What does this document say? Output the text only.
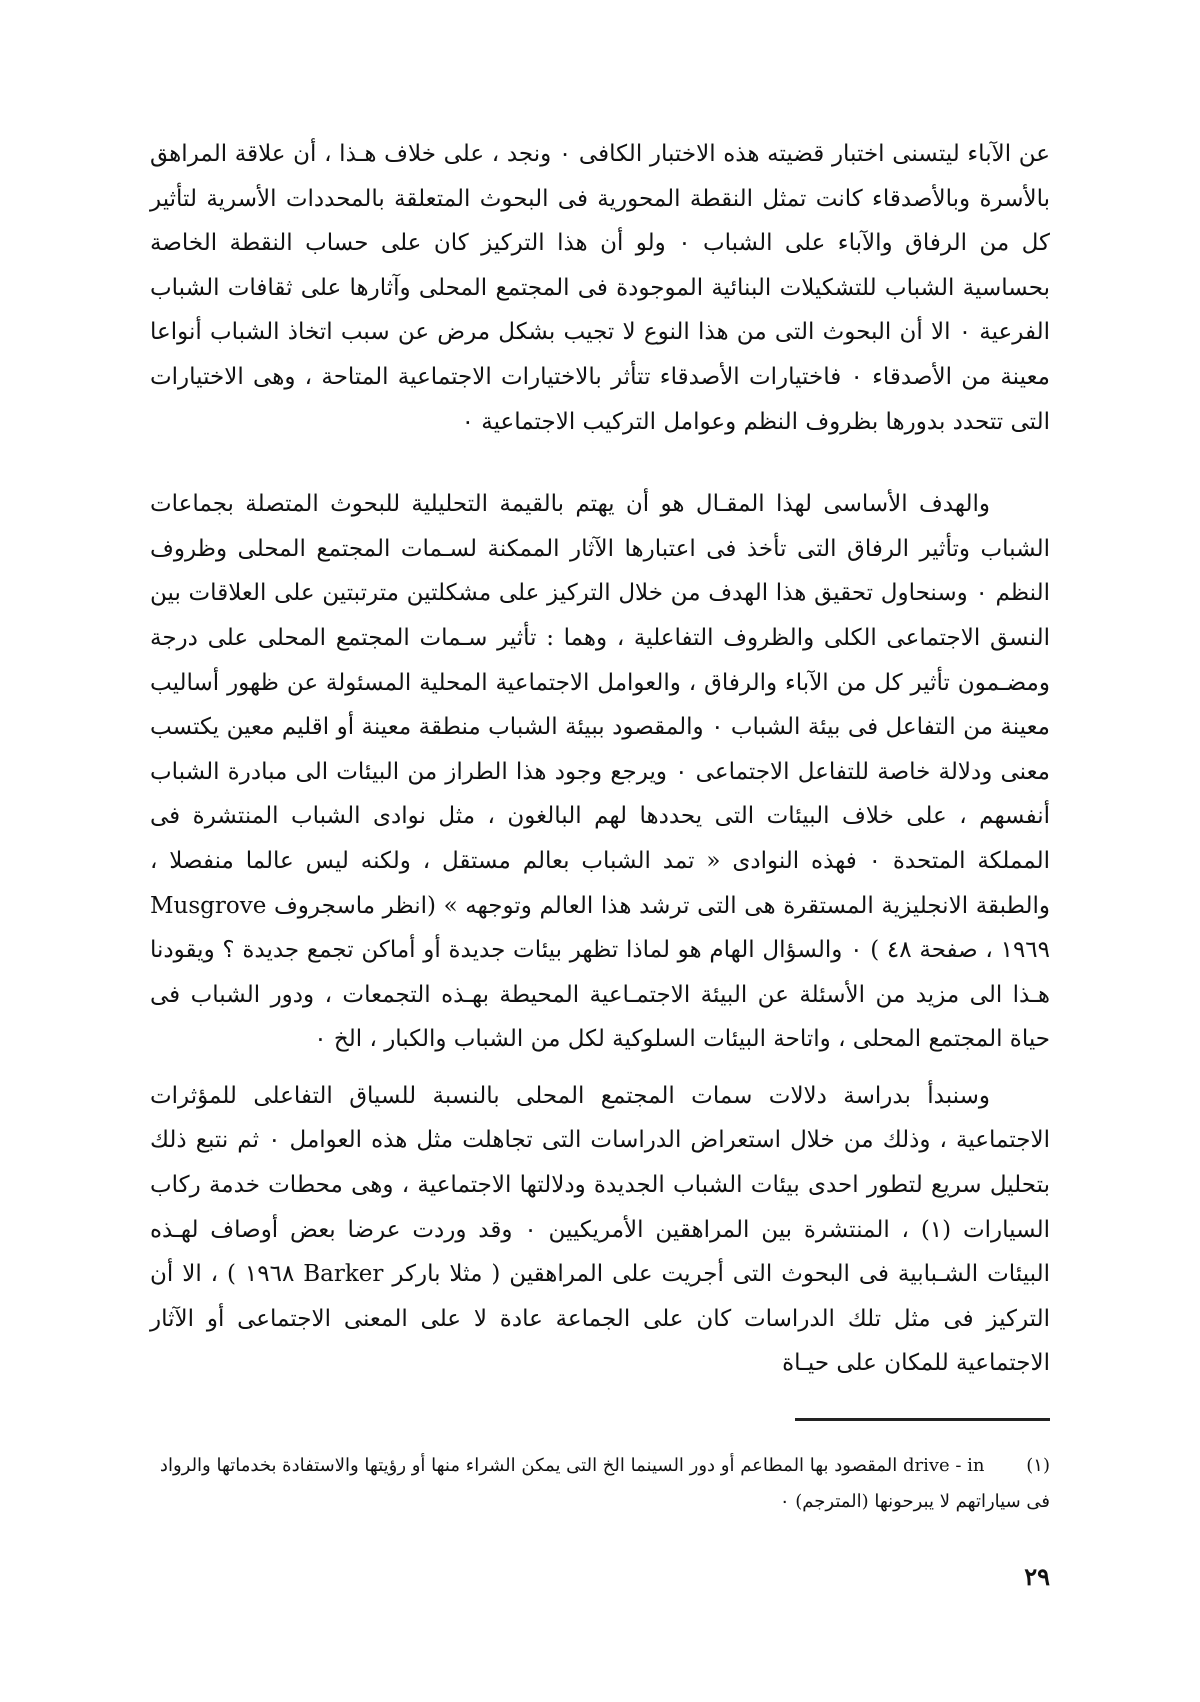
عن الآباء ليتسنى اختبار قضيته هذه الاختبار الكافى ٠ ونجد ، على خلاف هـذا ، أن علاقة المراهق بالأسرة وبالأصدقاء كانت تمثل النقطة المحورية فى البحوث المتعلقة بالمحددات الأسرية لتأثير كل من الرفاق والآباء على الشباب ٠ ولو أن هذا التركيز كان على حساب النقطة الخاصة بحساسية الشباب للتشكيلات البنائية الموجودة فى المجتمع المحلى وآثارها على ثقافات الشباب الفرعية ٠ الا أن البحوث التى من هذا النوع لا تجيب بشكل مرض عن سبب اتخاذ الشباب أنواعا معينة من الأصدقاء ٠ فاختيارات الأصدقاء تتأثر بالاختيارات الاجتماعية المتاحة ، وهى الاختيارات التى تتحدد بدورها بظروف النظم وعوامل التركيب الاجتماعية ٠

والهدف الأساسى لهذا المقـال هو أن يهتم بالقيمة التحليلية للبحوث المتصلة بجماعات الشباب وتأثير الرفاق التى تأخذ فى اعتبارها الآثار الممكنة لسـمات المجتمع المحلى وظروف النظم ٠ وسنحاول تحقيق هذا الهدف من خلال التركيز على مشكلتين مترتبتين على العلاقات بين النسق الاجتماعى الكلى والظروف التفاعلية ، وهما : تأثير سـمات المجتمع المحلى على درجة ومضـمون تأثير كل من الآباء والرفاق ، والعوامل الاجتماعية المحلية المسئولة عن ظهور أساليب معينة من التفاعل فى بيئة الشباب ٠ والمقصود ببيئة الشباب منطقة معينة أو اقليم معين يكتسب معنى ودلالة خاصة للتفاعل الاجتماعى ٠ ويرجع وجود هذا الطراز من البيئات الى مبادرة الشباب أنفسهم ، على خلاف البيئات التى يحددها لهم البالغون ، مثل نوادى الشباب المنتشرة فى المملكة المتحدة ٠ فهذه النوادى « تمد الشباب بعالم مستقل ، ولكنه ليس عالما منفصلا ، والطبقة الانجليزية المستقرة هى التى ترشد هذا العالم وتوجهه » (انظر ماسجروف Musgrove ١٩٦٩ ، صفحة ٤٨ ) ٠ والسؤال الهام هو لماذا تظهر بيئات جديدة أو أماكن تجمع جديدة ؟ ويقودنا هـذا الى مزيد من الأسئلة عن البيئة الاجتمـاعية المحيطة بهـذه التجمعات ، ودور الشباب فى حياة المجتمع المحلى ، واتاحة البيئات السلوكية لكل من الشباب والكبار ، الخ ٠

وسنبدأ بدراسة دلالات سمات المجتمع المحلى بالنسبة للسياق التفاعلى للمؤثرات الاجتماعية ، وذلك من خلال استعراض الدراسات التى تجاهلت مثل هذه العوامل ٠ ثم نتبع ذلك بتحليل سريع لتطور احدى بيئات الشباب الجديدة ودلالتها الاجتماعية ، وهى محطات خدمة ركاب السيارات (١) ، المنتشرة بين المراهقين الأمريكيين ٠ وقد وردت عرضا بعض أوصاف لهـذه البيئات الشـبابية فى البحوث التى أجريت على المراهقين ( مثلا باركر Barker ١٩٦٨ ) ، الا أن التركيز فى مثل تلك الدراسات كان على الجماعة عادة لا على المعنى الاجتماعى أو الآثار الاجتماعية للمكان على حيـاة

(١) drive - in المقصود بها المطاعم أو دور السينما الخ التى يمكن الشراء منها أو رؤيتها والاستفادة بخدماتها والرواد فى سياراتهم لا يبرحونها (المترجم) ٠
٢٩
